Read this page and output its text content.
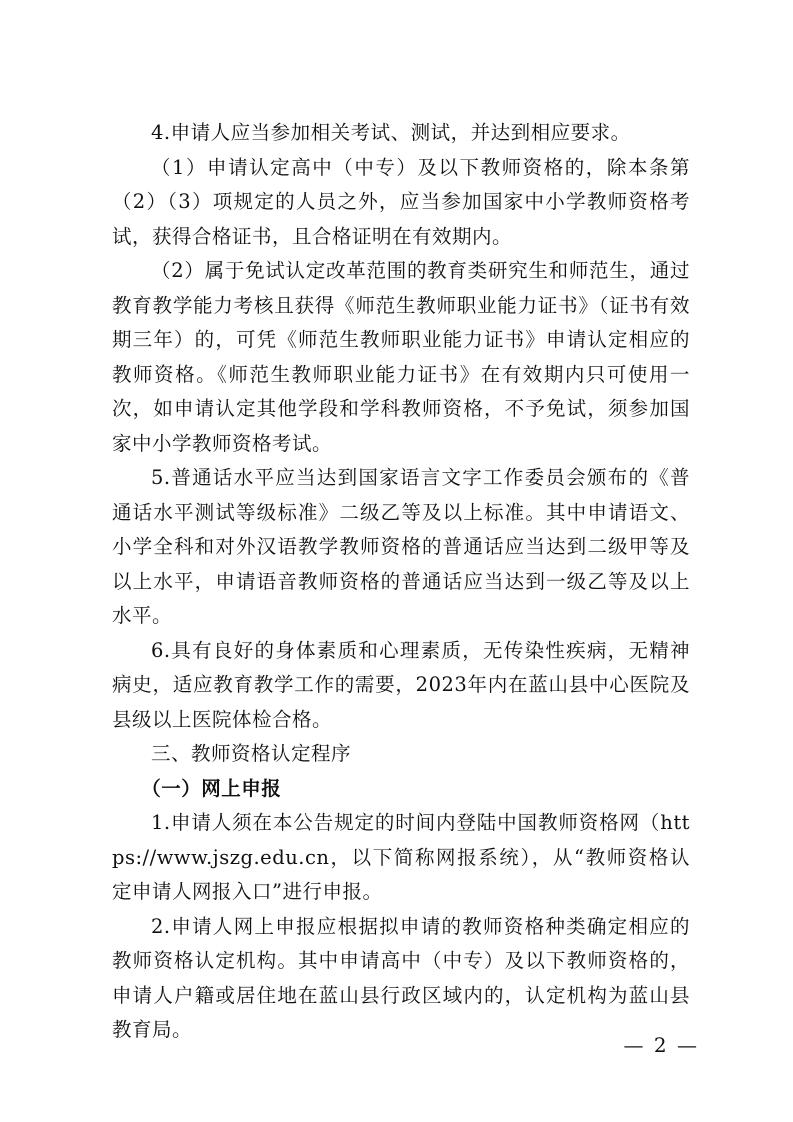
4.申请人应当参加相关考试、测试，并达到相应要求。

（1）申请认定高中（中专）及以下教师资格的，除本条第（2）（3）项规定的人员之外，应当参加国家中小学教师资格考试，获得合格证书，且合格证明在有效期内。

（2）属于免试认定改革范围的教育类研究生和师范生，通过教育教学能力考核且获得《师范生教师职业能力证书》（证书有效期三年）的，可凭《师范生教师职业能力证书》申请认定相应的教师资格。《师范生教师职业能力证书》在有效期内只可使用一次，如申请认定其他学段和学科教师资格，不予免试，须参加国家中小学教师资格考试。

5.普通话水平应当达到国家语言文字工作委员会颁布的《普通话水平测试等级标准》二级乙等及以上标准。其中申请语文、小学全科和对外汉语教学教师资格的普通话应当达到二级甲等及以上水平，申请语音教师资格的普通话应当达到一级乙等及以上水平。

6.具有良好的身体素质和心理素质，无传染性疾病，无精神病史，适应教育教学工作的需要，2023年内在蓝山县中心医院及县级以上医院体检合格。

三、教师资格认定程序
（一）网上申报

1.申请人须在本公告规定的时间内登陆中国教师资格网（https://www.jszg.edu.cn，以下简称网报系统），从“教师资格认定申请人网报入口”进行申报。

2.申请人网上申报应根据拟申请的教师资格种类确定相应的教师资格认定机构。其中申请高中（中专）及以下教师资格的，申请人户籍或居住地在蓝山县行政区域内的，认定机构为蓝山县教育局。

— 2 —
